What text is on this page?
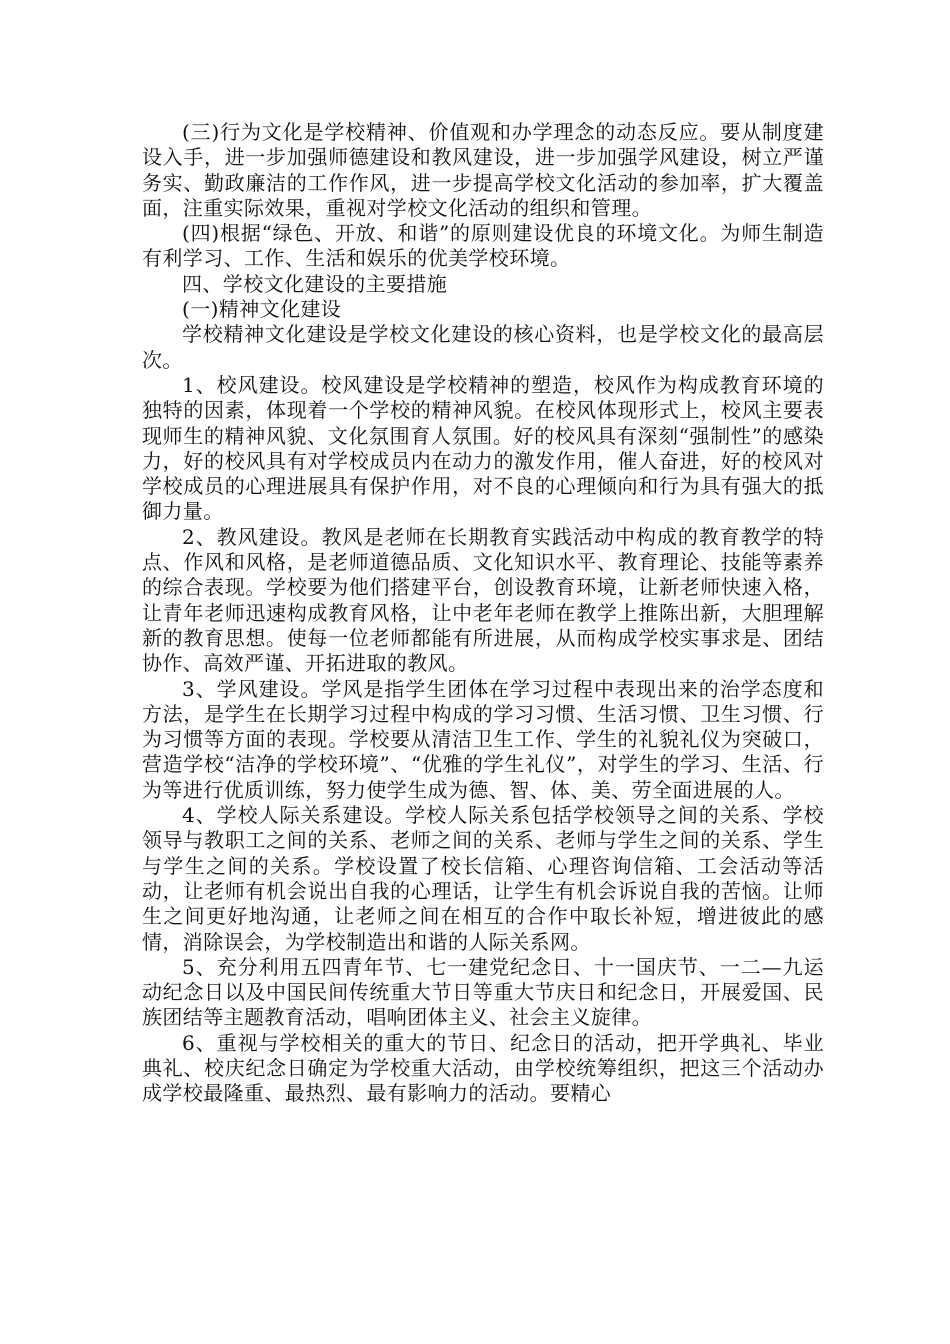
(三)行为文化是学校精神、价值观和办学理念的动态反应。要从制度建设入手，进一步加强师德建设和教风建设，进一步加强学风建设，树立严谨务实、勤政廉洁的工作作风，进一步提高学校文化活动的参加率，扩大覆盖面，注重实际效果，重视对学校文化活动的组织和管理。

(四)根据“绿色、开放、和谐”的原则建设优良的环境文化。为师生制造有利学习、工作、生活和娱乐的优美学校环境。

四、学校文化建设的主要措施

(一)精神文化建设

学校精神文化建设是学校文化建设的核心资料，也是学校文化的最高层次。

1、校风建设。校风建设是学校精神的塑造，校风作为构成教育环境的独特的因素，体现着一个学校的精神风貌。在校风体现形式上，校风主要表现师生的精神风貌、文化氛围育人氛围。好的校风具有深刻“强制性”的感染力，好的校风具有对学校成员内在动力的激发作用，催人奋进，好的校风对学校成员的心理进展具有保护作用，对不良的心理倾向和行为具有强大的抵御力量。

2、教风建设。教风是老师在长期教育实践活动中构成的教育教学的特点、作风和风格，是老师道德品质、文化知识水平、教育理论、技能等素养的综合表现。学校要为他们搭建平台，创设教育环境，让新老师快速入格，让青年老师迅速构成教育风格，让中老年老师在教学上推陈出新，大胆理解新的教育思想。使每一位老师都能有所进展，从而构成学校实事求是、团结协作、高效严谨、开拓进取的教风。

3、学风建设。学风是指学生团体在学习过程中表现出来的治学态度和方法，是学生在长期学习过程中构成的学习习惯、生活习惯、卫生习惯、行为习惯等方面的表现。学校要从清洁卫生工作、学生的礼貌礼仪为突破口，营造学校“洁净的学校环境”、“优雅的学生礼仪”，对学生的学习、生活、行为等进行优质训练，努力使学生成为德、智、体、美、劳全面进展的人。

4、学校人际关系建设。学校人际关系包括学校领导之间的关系、学校领导与教职工之间的关系、老师之间的关系、老师与学生之间的关系、学生与学生之间的关系。学校设置了校长信箱、心理咨询信箱、工会活动等活动，让老师有机会说出自我的心理话，让学生有机会诉说自我的苦恼。让师生之间更好地沟通，让老师之间在相互的合作中取长补短，增进彼此的感情，消除误会，为学校制造出和谐的人际关系网。

5、充分利用五四青年节、七一建党纪念日、十一国庆节、一二—九运动纪念日以及中国民间传统重大节日等重大节庆日和纪念日，开展爱国、民族团结等主题教育活动，唱响团体主义、社会主义旋律。

6、重视与学校相关的重大的节日、纪念日的活动，把开学典礼、毕业典礼、校庆纪念日确定为学校重大活动，由学校统筹组织，把这三个活动办成学校最隆重、最热烈、最有影响力的活动。要精心
